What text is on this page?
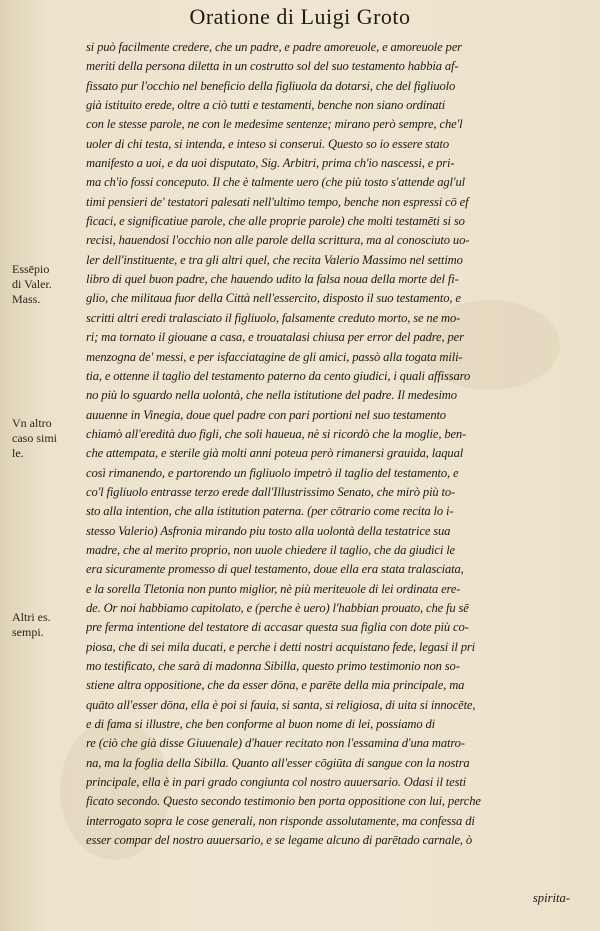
Oratione di Luigi Groto
si può facilmente credere, che un padre, e padre amoreuole, e amoreuole per
meriti della persona diletta in un costrutto sol del suo testamento habbia af-
fissato pur l'occhio nel beneficio della figliuola da dotarsi, che del figliuolo
già istituito erede, oltre a ciò tutti e testamenti, benche non siano ordinati
con le stesse parole, ne con le medesime sentenze; mirano però sempre, che'l
uoler di chi testa, si intenda, e inteso si conserui. Questo so io essere stato
manifesto a uoi, e da uoi disputato, Sig. Arbitri, prima ch'io nascessi, e pri-
ma ch'io fossi conceputo. Il che è talmente uero (che più tosto s'attende agl'ul
timi pensieri de' testatori palesati nell'ultimo tempo, benche non espressi cō ef
ficaci, e significatiue parole, che alle proprie parole) che molti testamēti si so
recisi, hauendosi l'occhio non alle parole della scrittura, ma al conosciuto uo-
ler dell'instituente, e tra gli altri quel, che recita Valerio Massimo nel settimo
libro di quel buon padre, che hauendo udito la falsa noua della morte del fi-
glio, che militaua fuor della Città nell'essercito, dispostο il suo testamento, e
scritti altri eredi tralasciato il figliuolo, falsamente creduto morto, se ne mo-
ri; ma tornato il giouane a casa, e trouatalasi chiusa per error del padre, per
menzogna de' messi, e per isfacciatagine de gli amici, passò alla togata mili-
tia, e ottenne il taglio del testamento paterno da cento giudici, i quali affissaro
no più lo sguardo nella uolontà, che nella istitutione del padre. Il medesimo
auuenne in Vinegia, doue quel padre con pari portioni nel suo testamento
chiamò all'eredità duo figli, che soli haueua, nè si ricordò che la moglie, ben-
che attempata, e sterile già molti anni poteua però rimanersi grauida, laqual
così rimanendo, e partorendo un figliuolo impetrò il taglio del testamento, e
co'l figliuolo entrasse terzo erede dall'Illustrissimo Senato, che mirò più to-
sto alla intention, che alla istitution paterna. (per cōtrario come recita lo i-
stesso Valerio) Asfronia mirando piu tosto alla uolontà della testatrice sua
madre, che al merito proprio, non uuole chiedere il taglio, che da giudici le
era sicuramente promesso di quel testamento, doue ella era stata tralasciata,
e la sorella Tletonia non punto miglior, nè più meriteuole di lei ordinata ere-
de. Or noi habbiamo capitolato, e (perche è uero) l'habbian prouato, che fu sē
pre ferma intentione del testatore di accasar questa sua figlia con dote più co-
piosa, che di sei mila ducati, e perche i detti nostri acquistano fede, legasi il pri
mo testificato, che sarà di madonna Sibilla, questo primo testimonio non so-
stiene altra oppositione, che da esser dōna, e parēte della mia principale, ma
quāto all'esser dōna, ella è poi si fauia, si santa, si religiosa, di uita si innocēte,
e di fama si illustre, che ben conforme al buon nome di lei, possiamo di
re (ciò che già disse Giuuenale) d'hauer recitato non l'essamina d'una matro-
na, ma la foglia della Sibilla. Quanto all'esser cōgiūta di sangue con la nostra
principale, ella è in pari grado congiunta col nostro auuersario. Odasi il testi
ficato secondo. Questo secondo testimonio ben porta oppositione con lui, perche
interrogato sopra le cose generali, non risponde assolutamente, ma confessa di
esser compar del nostro auuersario, e se legame alcuno di parētado carnale, ò
Essēpio
di Valer.
Mass.
Vn altro
caso simi
le.
Altri es.
sempi.
spirita-
